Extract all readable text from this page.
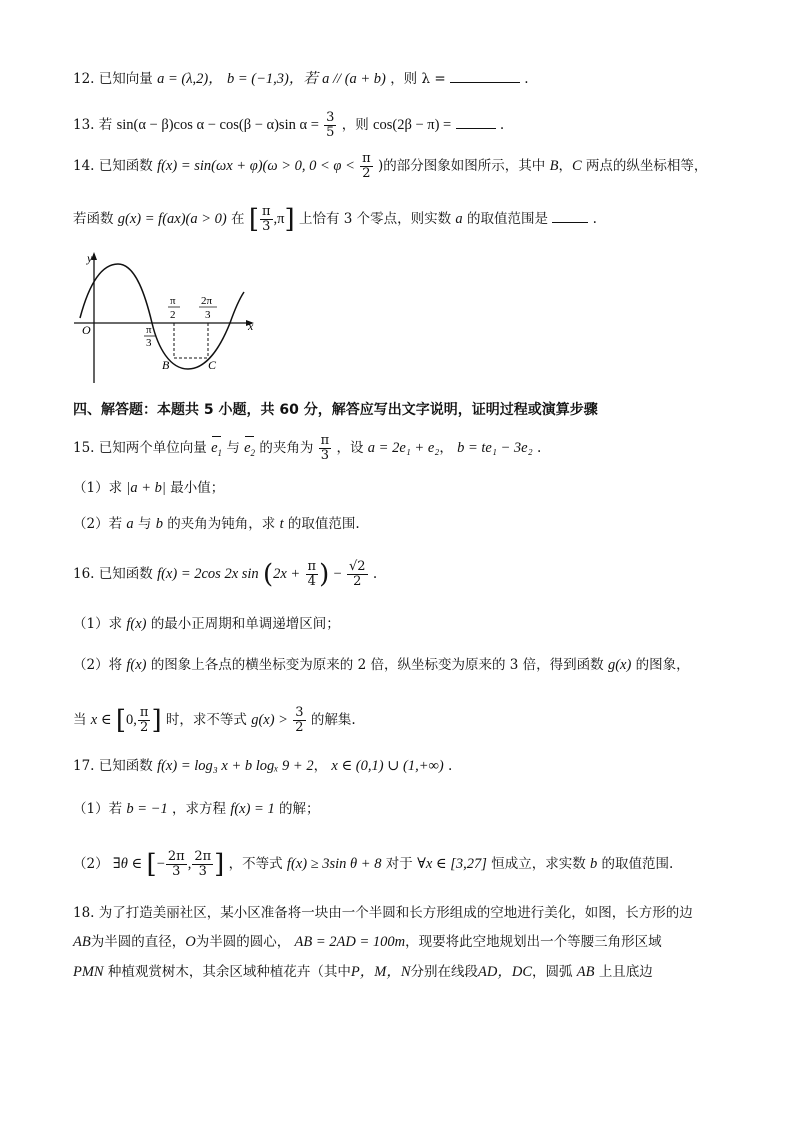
12. 已知向量 a = (λ,2)， b = (−1,3)，若 a // (a + b) ，则 λ =	.
13. 若 sin(α − β)cos α − cos(β − α)sin $\alpha = \frac{3}{5}$ ，则 cos(2β − π) =	.
14. 已知函数 f(x) = sin(ωx + φ)(ω > 0, $0 < \varphi < \frac{\pi}{2}$ )的部分图象如图所示，其中 B，C 两点的纵坐标相等，
若函数 g(x) = f(ax)(a > 0) 在 [ $\frac{\pi}{3} ,\pi$] 上恰有 3 个零点，则实数 a 的取值范围是	.
y
x
O	π
3
π
2
2π
3
B	C
四、解答题：本题共 5 小题，共 60 分，解答应写出文字说明，证明过程或演算步骤
15. 已知两个单位向量 $e_1$ 与 $e_2$ 的夹角为 $\frac{\pi}{3}$ ，设 a = 2e₁ + e₂， b = te₁ − 3e₂ .
（1）求 |a + b| 最小值；
（2）若 a 与 b 的夹角为钝角，求 t 的取值范围.
16. 已知函数 f(x) = 2cos 2x $\sin (2x + \frac{\pi}{4}$ ) − $\frac{√2}{2}$ .
（1）求 f(x) 的最小正周期和单调递增区间；
（2）将 f(x) 的图象上各点的横坐标变为原来的 2 倍，纵坐标变为原来的 3 倍，得到函数 g(x) 的图象，
当 x ∈ [0, $\frac{\pi}{2}$ ] 时，求不等式 $g(x) > \frac{3}{2}$ 的解集.
17. 已知函数 f(x) = log₃ x + b logₓ 9 + 2， x ∈ (0,1) ∪ (1,+∞) .
（1）若 b = −1 ，求方程 f(x) = 1 的解；
（2） ∃θ ∈ [− $\frac{2\pi}{3}$ , $\frac{2\pi}{3}$ ] ，不等式 f(x) ≥ 3sin θ + 8 对于 ∀x ∈ [3,27] 恒成立，求实数 b 的取值范围.
18. 为了打造美丽社区，某小区准备将一块由一个半圆和长方形组成的空地进行美化，如图，长方形的边
AB为半圆的直径，O为半圆的圆心， AB = 2AD = 100m，现要将此空地规划出一个等腰三角形区域
PMN 种植观赏树木，其余区域种植花卉（其中P，M，N分别在线段AD，DC，圆弧 AB 上且底边
